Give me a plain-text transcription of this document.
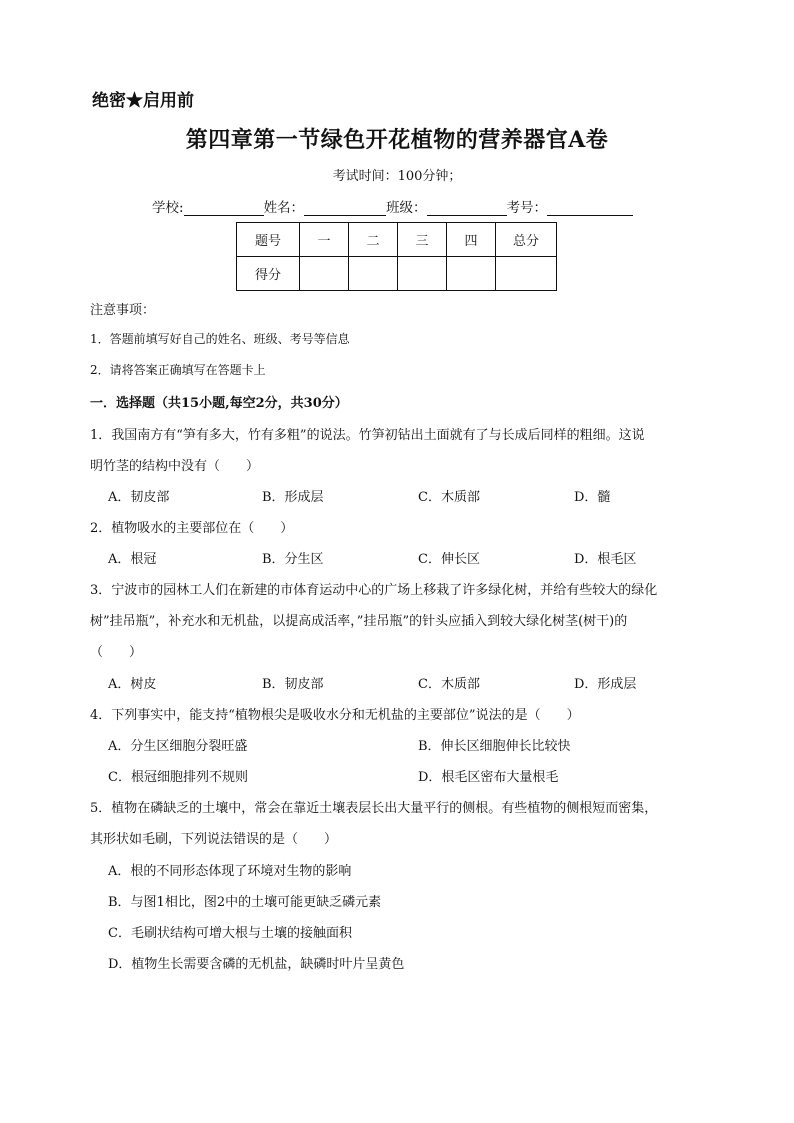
绝密★启用前
第四章第一节绿色开花植物的营养器官A卷
考试时间：100分钟；
学校:	姓名：	班级：	考号：
题号	一	二	三	四	总分
得分					
注意事项：
1．答题前填写好自己的姓名、班级、考号等信息
2．请将答案正确填写在答题卡上
一．选择题（共15小题,每空2分，共30分）
1．我国南方有“笋有多大，竹有多粗”的说法。竹笋初钻出土面就有了与长成后同样的粗细。这说
明竹茎的结构中没有（　　）
A．韧皮部	B．形成层	C．木质部	D．髓
2．植物吸水的主要部位在（　　）
A．根冠	B．分生区	C．伸长区	D．根毛区
3．宁波市的园林工人们在新建的市体育运动中心的广场上移栽了许多绿化树，并给有些较大的绿化
树”挂吊瓶”，补充水和无机盐，以提高成活率，”挂吊瓶”的针头应插入到较大绿化树茎(树干)的
（　　）
A．树皮	B．韧皮部	C．木质部	D．形成层
4．下列事实中，能支持“植物根尖是吸收水分和无机盐的主要部位”说法的是（　　）
A．分生区细胞分裂旺盛	B．伸长区细胞伸长比较快
C．根冠细胞排列不规则	D．根毛区密布大量根毛
5．植物在磷缺乏的土壤中，常会在靠近土壤表层长出大量平行的侧根。有些植物的侧根短而密集，
其形状如毛刷，下列说法错误的是（　　）
A．根的不同形态体现了环境对生物的影响
B．与图1相比，图2中的土壤可能更缺乏磷元素
C．毛刷状结构可增大根与土壤的接触面积
D．植物生长需要含磷的无机盐，缺磷时叶片呈黄色
